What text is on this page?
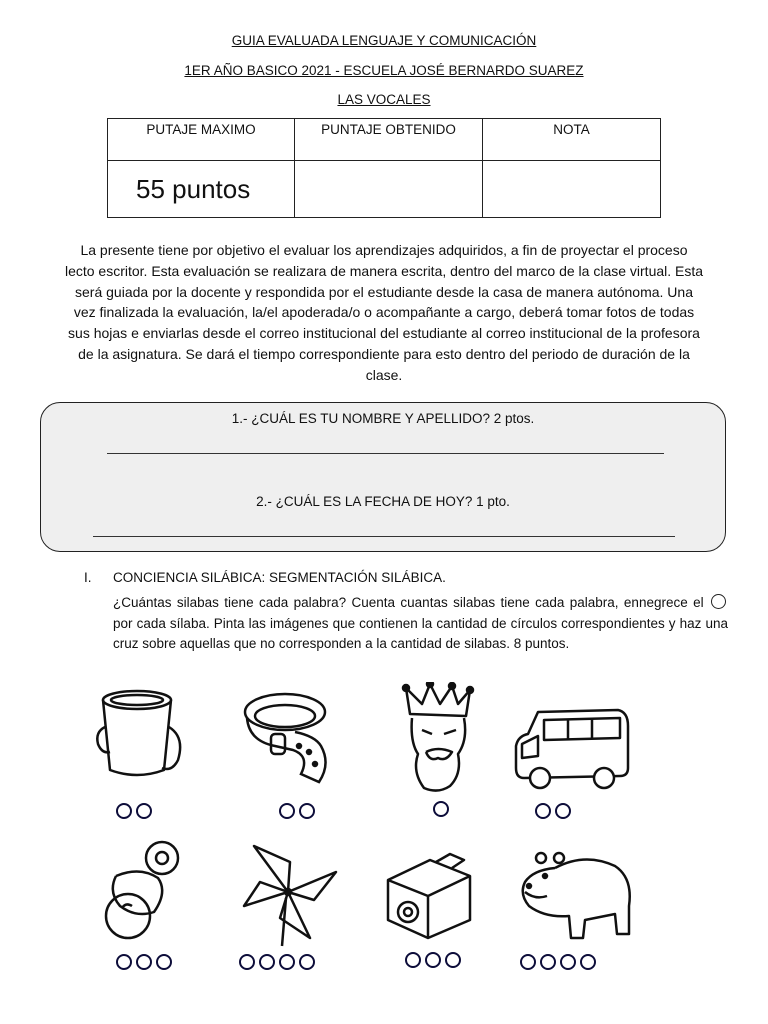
GUIA EVALUADA LENGUAJE Y COMUNICACIÓN
1ER AÑO BASICO 2021 - ESCUELA JOSÉ BERNARDO SUAREZ
LAS VOCALES
PUTAJE MAXIMO	PUNTAJE OBTENIDO	NOTA
55 puntos		
La presente tiene por objetivo el evaluar los aprendizajes adquiridos, a fin de proyectar el proceso lecto escritor. Esta evaluación se realizara de manera escrita, dentro del marco de la clase virtual. Esta será guiada por la docente y respondida por el estudiante desde la casa de manera autónoma. Una vez finalizada la evaluación, la/el apoderada/o o acompañante a cargo, deberá tomar fotos de todas sus hojas e enviarlas desde el correo institucional del estudiante al correo institucional de la profesora de la asignatura. Se dará el tiempo correspondiente para esto dentro del periodo de duración de la clase.
1.- ¿CUÁL ES TU NOMBRE Y APELLIDO? 2 ptos.
2.- ¿CUÁL ES LA FECHA DE HOY? 1 pto.
I. CONCIENCIA SILÁBICA: SEGMENTACIÓN SILÁBICA.
¿Cuántas silabas tiene cada palabra? Cuenta cuantas silabas tiene cada palabra, ennegrece el  por cada sílaba. Pinta las imágenes que contienen la cantidad de círculos correspondientes y haz una cruz sobre aquellas que no corresponden a la cantidad de silabas. 8 puntos.
